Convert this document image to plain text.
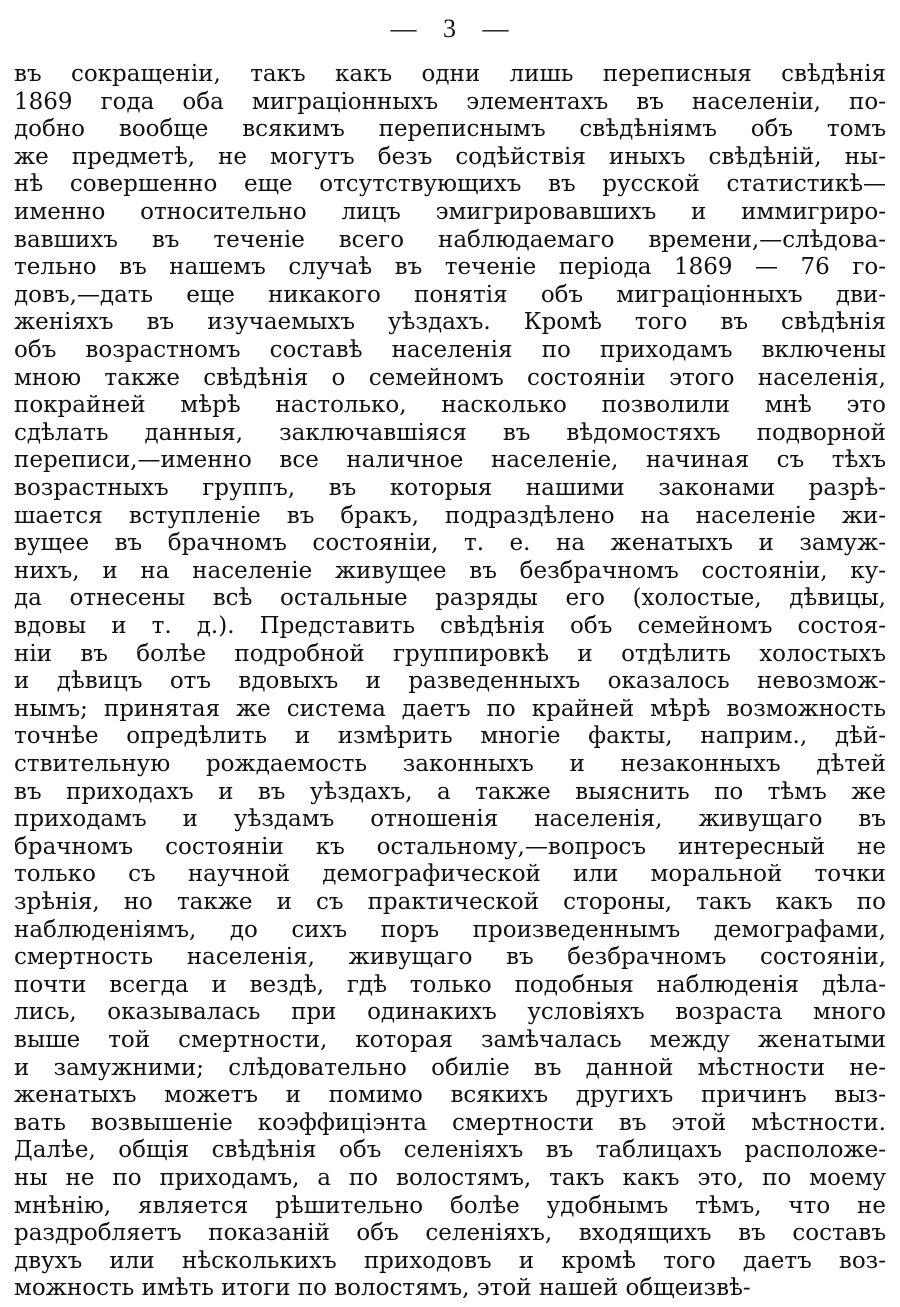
— 3 —
въ сокращеніи, такъ какъ одни лишь переписныя свѣдѣнія
1869 года оба миграціонныхъ элементахъ въ населеніи, по-
добно вообще всякимъ переписнымъ свѣдѣніямъ объ томъ
же предметѣ, не могутъ безъ содѣйствія иныхъ свѣдѣній, ны-
нѣ совершенно еще отсутствующихъ въ русской статистикѣ—
именно относительно лицъ эмигрировавшихъ и иммигриро-
вавшихъ въ теченіе всего наблюдаемаго времени,—слѣдова-
тельно въ нашемъ случаѣ въ теченіе періода 1869 — 76 го-
довъ,—дать еще никакого понятія объ миграціонныхъ дви-
женіяхъ въ изучаемыхъ уѣздахъ. Кромѣ того въ свѣдѣнія
объ возрастномъ составѣ населенія по приходамъ включены
мною также свѣдѣнія о семейномъ состояніи этого населенія,
покрайней мѣрѣ настолько, насколько позволили мнѣ это
сдѣлать данныя, заключавшіяся въ вѣдомостяхъ подворной
переписи,—именно все наличное населеніе, начиная съ тѣхъ
возрастныхъ группъ, въ которыя нашими законами разрѣ-
шается вступленіе въ бракъ, подраздѣлено на населеніе жи-
вущее въ брачномъ состояніи, т. е. на женатыхъ и замуж-
нихъ, и на населеніе живущее въ безбрачномъ состояніи, ку-
да отнесены всѣ остальные разряды его (холостые, дѣвицы,
вдовы и т. д.). Представить свѣдѣнія объ семейномъ состоя-
ніи въ болѣе подробной группировкѣ и отдѣлить холостыхъ
и дѣвицъ отъ вдовыхъ и разведенныхъ оказалось невозмож-
нымъ; принятая же система даетъ по крайней мѣрѣ возможность
точнѣе опредѣлить и измѣрить многіе факты, наприм., дѣй-
ствительную рождаемость законныхъ и незаконныхъ дѣтей
въ приходахъ и въ уѣздахъ, а также выяснить по тѣмъ же
приходамъ и уѣздамъ отношенія населенія, живущаго въ
брачномъ состояніи къ остальному,—вопросъ интересный не
только съ научной демографической или моральной точки
зрѣнія, но также и съ практической стороны, такъ какъ по
наблюденіямъ, до сихъ поръ произведеннымъ демографами,
смертность населенія, живущаго въ безбрачномъ состояніи,
почти всегда и вездѣ, гдѣ только подобныя наблюденія дѣла-
лись, оказывалась при одинакихъ условіяхъ возраста много
выше той смертности, которая замѣчалась между женатыми
и замужними; слѣдовательно обиліе въ данной мѣстности не-
женатыхъ можетъ и помимо всякихъ другихъ причинъ выз-
вать возвышеніе коэффиціэнта смертности въ этой мѣстности.
Далѣе, общія свѣдѣнія объ селеніяхъ въ таблицахъ расположе-
ны не по приходамъ, а по волостямъ, такъ какъ это, по моему
мнѣнію, является рѣшительно болѣе удобнымъ тѣмъ, что не
раздробляетъ показаній объ селеніяхъ, входящихъ въ составъ
двухъ или нѣсколькихъ приходовъ и кромѣ того даетъ воз-
можность имѣть итоги по волостямъ, этой нашей общеизвѣ-
